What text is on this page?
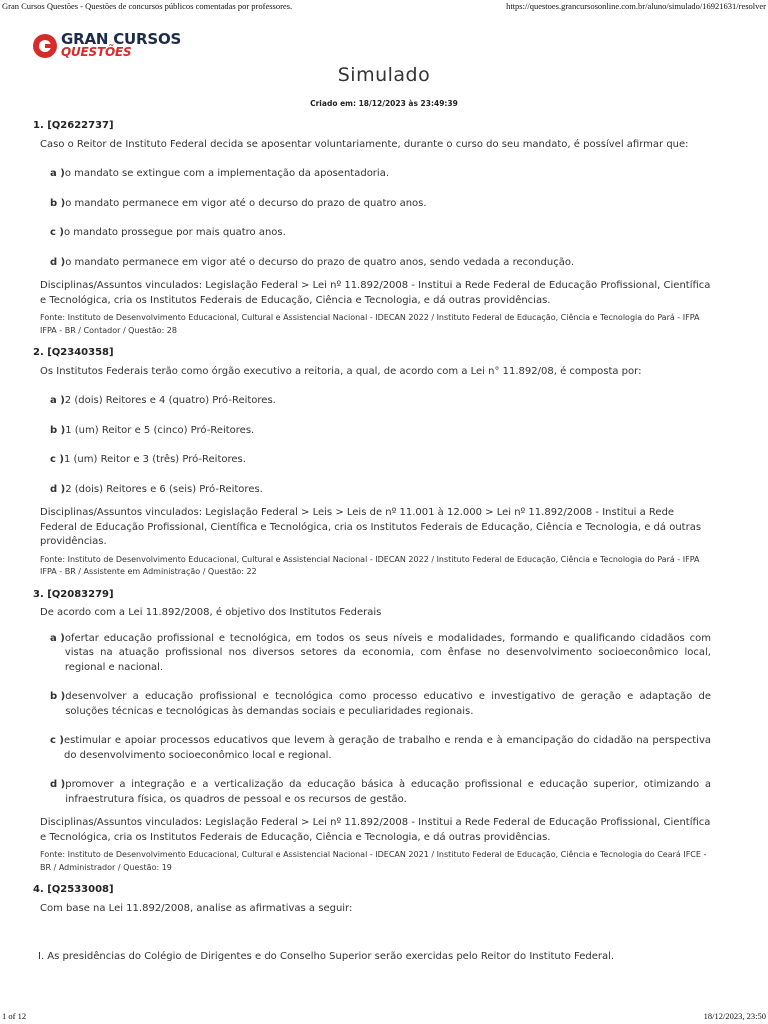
Gran Cursos Questões - Questões de concursos públicos comentadas por professores.	https://questoes.grancursosonline.com.br/aluno/simulado/16921631/resolver
GRAN CURSOS
QUESTÕES
Simulado
Criado em: 18/12/2023 às 23:49:39

1. [Q2622737]

Caso o Reitor de Instituto Federal decida se aposentar voluntariamente, durante o curso do seu mandato, é possível afirmar que:
a ) o mandato se extingue com a implementação da aposentadoria.
b ) o mandato permanece em vigor até o decurso do prazo de quatro anos.
c ) o mandato prossegue por mais quatro anos.
d ) o mandato permanece em vigor até o decurso do prazo de quatro anos, sendo vedada a recondução.
Disciplinas/Assuntos vinculados: Legislação Federal > Lei nº 11.892/2008 - Institui a Rede Federal de Educação Profissional, Científica e Tecnológica, cria os Institutos Federais de Educação, Ciência e Tecnologia, e dá outras providências.
Fonte: Instituto de Desenvolvimento Educacional, Cultural e Assistencial Nacional - IDECAN 2022 / Instituto Federal de Educação, Ciência e Tecnologia do Pará - IFPA IFPA - BR / Contador / Questão: 28

2. [Q2340358]

Os Institutos Federais terão como órgão executivo a reitoria, a qual, de acordo com a Lei n° 11.892/08, é composta por:
a ) 2 (dois) Reitores e 4 (quatro) Pró-Reitores.
b ) 1 (um) Reitor e 5 (cinco) Pró-Reitores.
c ) 1 (um) Reitor e 3 (três) Pró-Reitores.
d ) 2 (dois) Reitores e 6 (seis) Pró-Reitores.
Disciplinas/Assuntos vinculados: Legislação Federal > Leis > Leis de nº 11.001 à 12.000 > Lei nº 11.892/2008 - Institui a Rede Federal de Educação Profissional, Científica e Tecnológica, cria os Institutos Federais de Educação, Ciência e Tecnologia, e dá outras providências.
Fonte: Instituto de Desenvolvimento Educacional, Cultural e Assistencial Nacional - IDECAN 2022 / Instituto Federal de Educação, Ciência e Tecnologia do Pará - IFPA IFPA - BR / Assistente em Administração / Questão: 22

3. [Q2083279]

De acordo com a Lei 11.892/2008, é objetivo dos Institutos Federais
a ) ofertar educação profissional e tecnológica, em todos os seus níveis e modalidades, formando e qualificando cidadãos com vistas na atuação profissional nos diversos setores da economia, com ênfase no desenvolvimento socioeconômico local, regional e nacional.
b ) desenvolver a educação profissional e tecnológica como processo educativo e investigativo de geração e adaptação de soluções técnicas e tecnológicas às demandas sociais e peculiaridades regionais.
c ) estimular e apoiar processos educativos que levem à geração de trabalho e renda e à emancipação do cidadão na perspectiva do desenvolvimento socioeconômico local e regional.
d ) promover a integração e a verticalização da educação básica à educação profissional e educação superior, otimizando a infraestrutura física, os quadros de pessoal e os recursos de gestão.
Disciplinas/Assuntos vinculados: Legislação Federal > Lei nº 11.892/2008 - Institui a Rede Federal de Educação Profissional, Científica e Tecnológica, cria os Institutos Federais de Educação, Ciência e Tecnologia, e dá outras providências.
Fonte: Instituto de Desenvolvimento Educacional, Cultural e Assistencial Nacional - IDECAN 2021 / Instituto Federal de Educação, Ciência e Tecnologia do Ceará IFCE - BR / Administrador / Questão: 19

4. [Q2533008]

Com base na Lei 11.892/2008, analise as afirmativas a seguir:
I. As presidências do Colégio de Dirigentes e do Conselho Superior serão exercidas pelo Reitor do Instituto Federal.
1 of 12	18/12/2023, 23:50
